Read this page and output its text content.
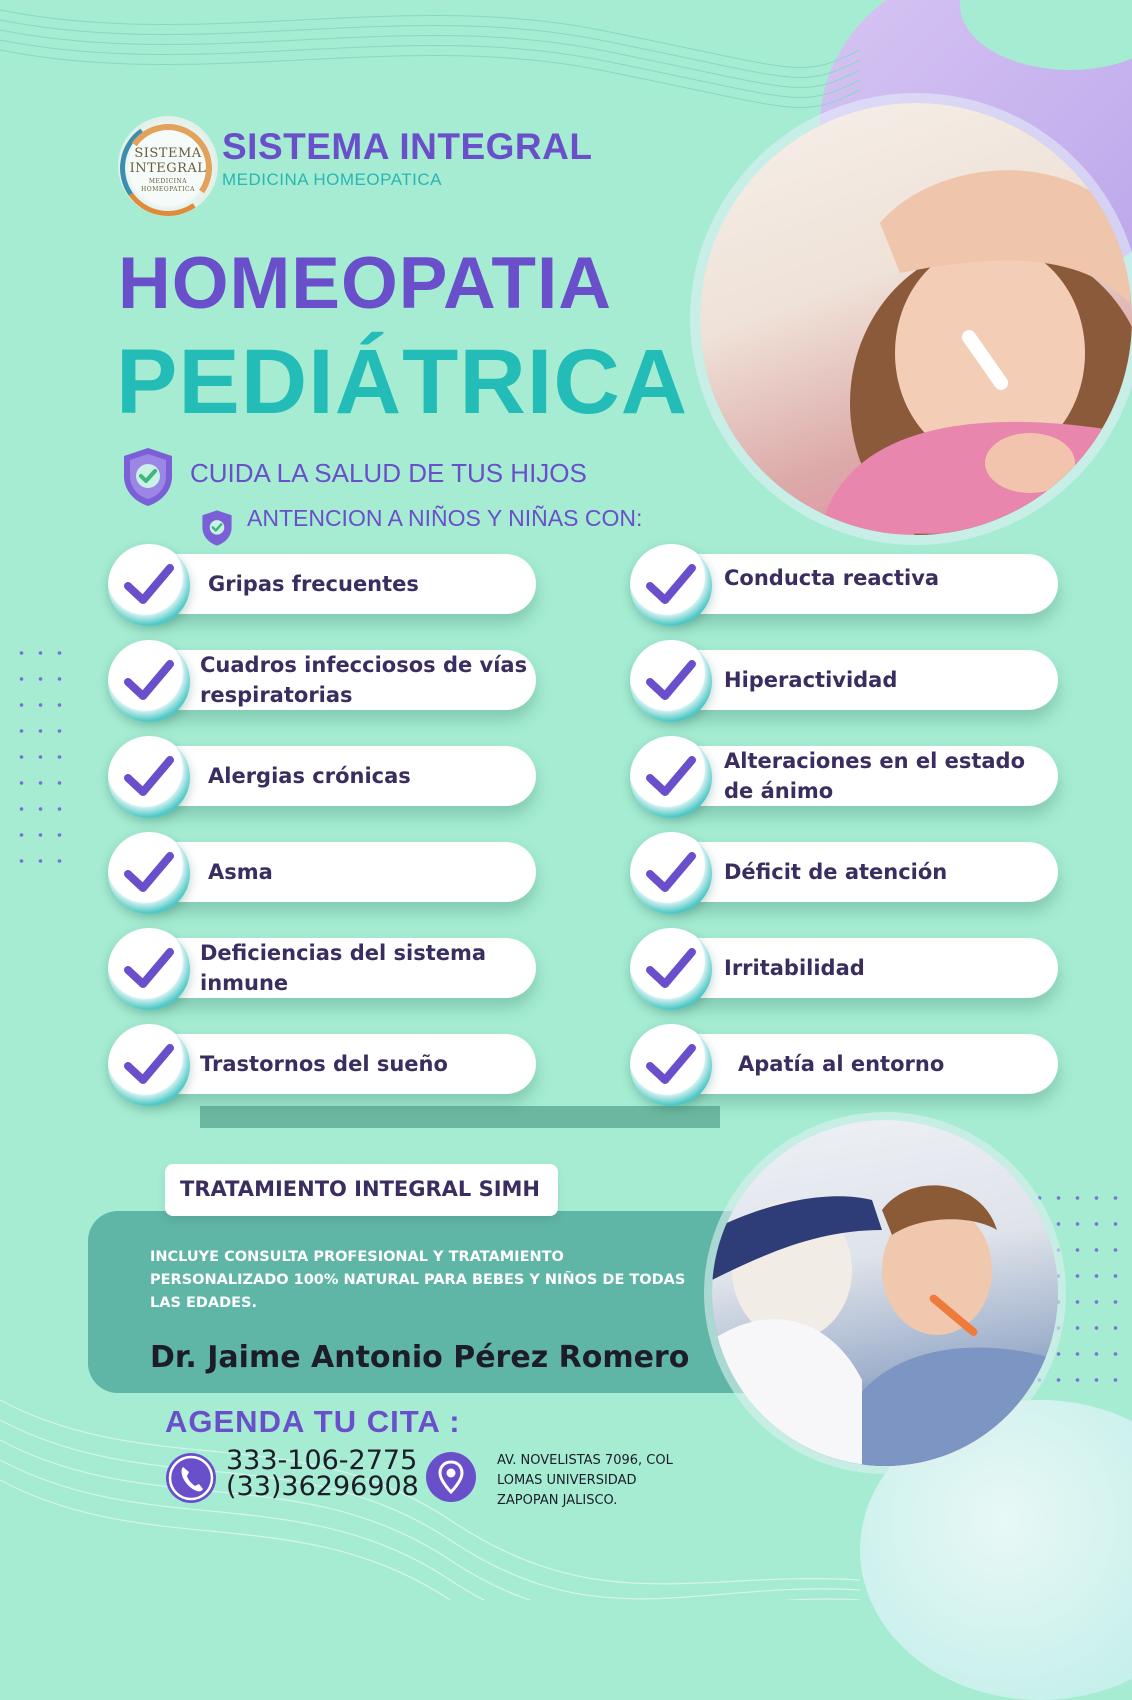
SISTEMA
INTEGRAL
MEDICINA
HOMEOPATICA
SISTEMA INTEGRAL
MEDICINA HOMEOPATICA
HOMEOPATIA
PEDIÁTRICA
CUIDA LA SALUD DE TUS HIJOS
ANTENCION A NIÑOS Y NIÑAS CON:
Gripas frecuentes
Cuadros infecciosos de vías respiratorias
Alergias crónicas
Asma
Deficiencias del sistema inmune
Trastornos del sueño
Conducta reactiva
Hiperactividad
Alteraciones en el estado de ánimo
Déficit de atención
Irritabilidad
Apatía al entorno
TRATAMIENTO INTEGRAL SIMH
INCLUYE CONSULTA PROFESIONAL Y TRATAMIENTO PERSONALIZADO 100% NATURAL PARA BEBES Y NIÑOS DE TODAS LAS EDADES.
Dr. Jaime Antonio Pérez Romero
AGENDA TU CITA :
333-106-2775
(33)36296908
AV. NOVELISTAS 7096, COL
LOMAS UNIVERSIDAD
ZAPOPAN JALISCO.
